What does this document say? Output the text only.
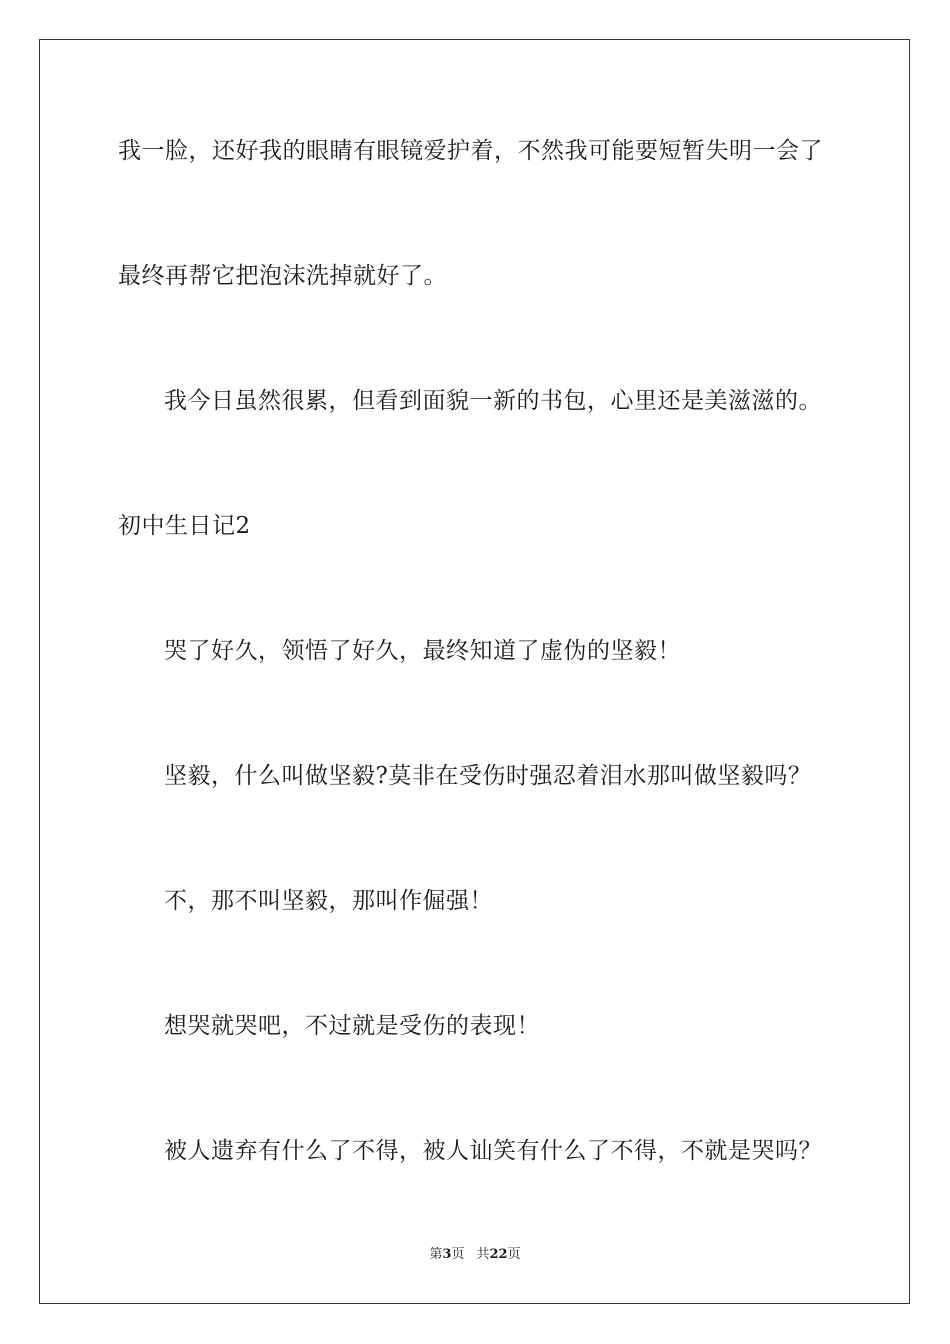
我一脸，还好我的眼睛有眼镜爱护着，不然我可能要短暂失明一会了
最终再帮它把泡沫洗掉就好了。
我今日虽然很累，但看到面貌一新的书包，心里还是美滋滋的。
初中生日记2
哭了好久，领悟了好久，最终知道了虚伪的坚毅！
坚毅，什么叫做坚毅?莫非在受伤时强忍着泪水那叫做坚毅吗？
不，那不叫坚毅，那叫作倔强！
想哭就哭吧，不过就是受伤的表现！
被人遗弃有什么了不得，被人讪笑有什么了不得，不就是哭吗？
第3页 共22页
